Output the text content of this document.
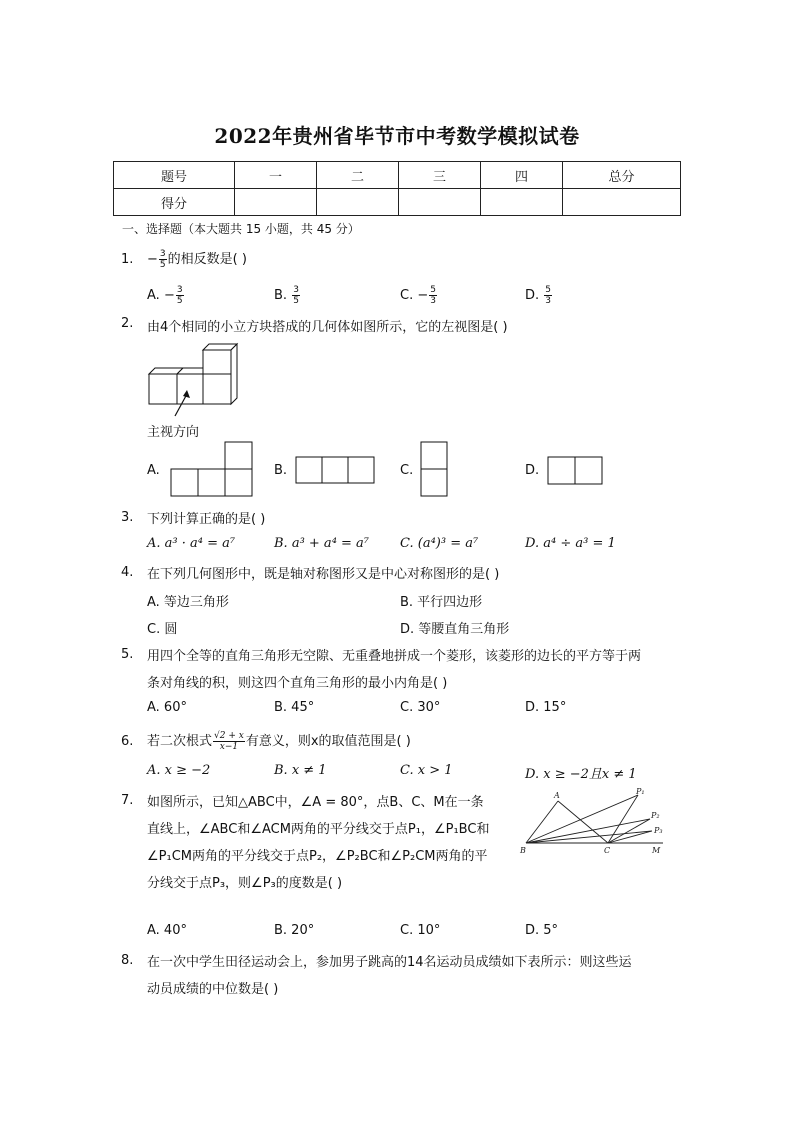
2022年贵州省毕节市中考数学模拟试卷
题号	一	二	三	四	总分
得分					
一、选择题（本大题共 15 小题，共 45 分）
1. − $\frac{3}{5}$ 的相反数是( )
A. − $\frac{3}{5}$	B. $\frac{3}{5}$	C. − $\frac{5}{3}$	D. $\frac{5}{3}$
2. 由4个相同的小立方块搭成的几何体如图所示，它的左视图是( )
主视方向
A.	B.	C.	D.
3. 下列计算正确的是( )
A. a³ · a⁴ = a⁷	B. a³ + a⁴ = a⁷ C. (a⁴)³ = a⁷	D. a⁴ ÷ a³ = 1
4. 在下列几何图形中，既是轴对称图形又是中心对称图形的是( )
A. 等边三角形	B. 平行四边形
C. 圆	D. 等腰直角三角形
5. 用四个全等的直角三角形无空隙、无重叠地拼成一个菱形，该菱形的边长的平方等于两
条对角线的积，则这四个直角三角形的最小内角是( )
A. 60°	B. 45°	C. 30°	D. 15°
6. 若二次根式 $\frac{√2 + x}{x-1}$ 有意义，则x的取值范围是( )
A. x ≥ −2	B. x ≠ 1	C. x > 1	D. x ≥ −2且x ≠ 1
7. 如图所示，已知△ABC中，∠A = 80°，点B、C、M在一条
直线上，∠ABC和∠ACM两角的平分线交于点P₁，∠P₁BC和
∠P₁CM两角的平分线交于点P₂，∠P₂BC和∠P₂CM两角的平
分线交于点P₃，则∠P₃的度数是( )
A
B	C	M
P₁
P₂
P₃
A. 40°	B. 20°	C. 10°	D. 5°
8. 在一次中学生田径运动会上，参加男子跳高的14名运动员成绩如下表所示：则这些运
动员成绩的中位数是( )
